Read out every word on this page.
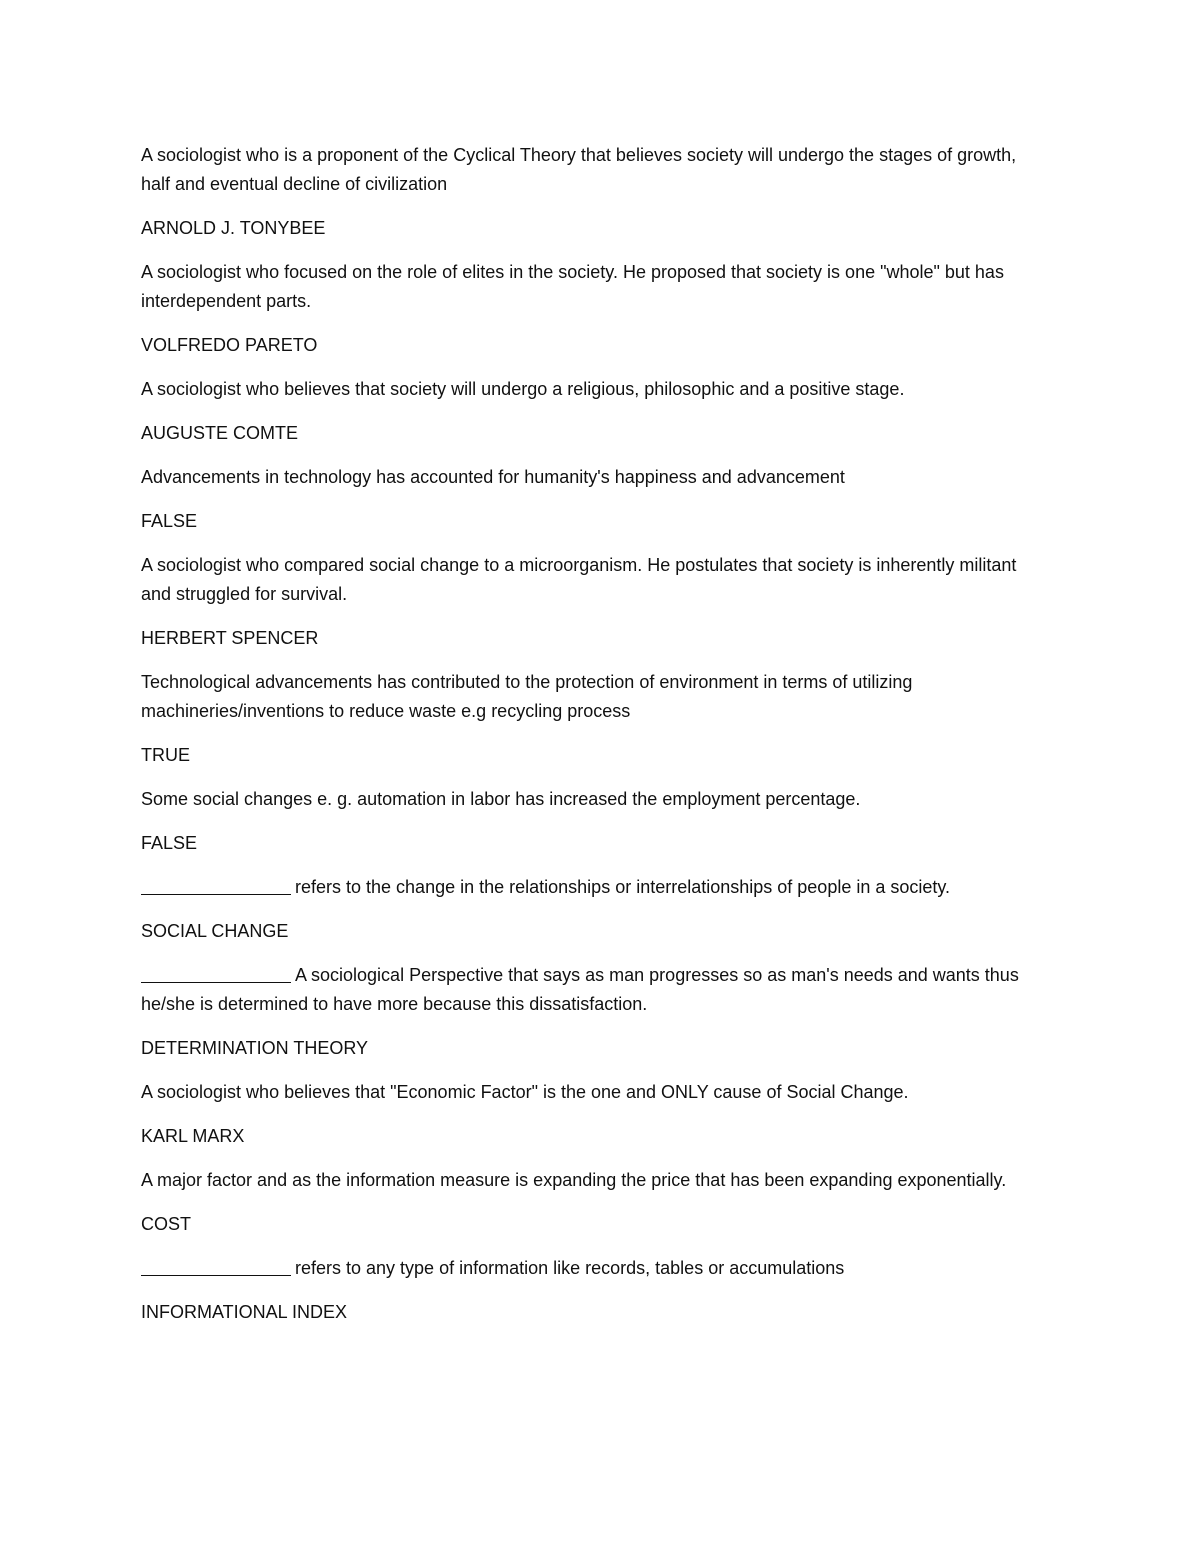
A sociologist who is a proponent of the Cyclical Theory that believes society will undergo the stages of growth, half and eventual decline of civilization

ARNOLD J. TONYBEE

A sociologist who focused on the role of elites in the society. He proposed that society is one "whole" but has interdependent parts.

VOLFREDO PARETO

A sociologist who believes that society will undergo a religious, philosophic and a positive stage.

AUGUSTE COMTE

Advancements in technology has accounted for humanity's happiness and advancement

FALSE

A sociologist who compared social change to a microorganism. He postulates that society is inherently militant and struggled for survival.

HERBERT SPENCER

Technological advancements has contributed to the protection of environment in terms of utilizing machineries/inventions to reduce waste e.g recycling process

TRUE

Some social changes e. g. automation in labor has increased the employment percentage.

FALSE

refers to the change in the relationships or interrelationships of people in a society.

SOCIAL CHANGE

A sociological Perspective that says as man progresses so as man's needs and wants thus he/she is determined to have more because this dissatisfaction.

DETERMINATION THEORY

A sociologist who believes that "Economic Factor" is the one and ONLY cause of Social Change.

KARL MARX

A major factor and as the information measure is expanding the price that has been expanding exponentially.

COST

refers to any type of information like records, tables or accumulations

INFORMATIONAL INDEX
